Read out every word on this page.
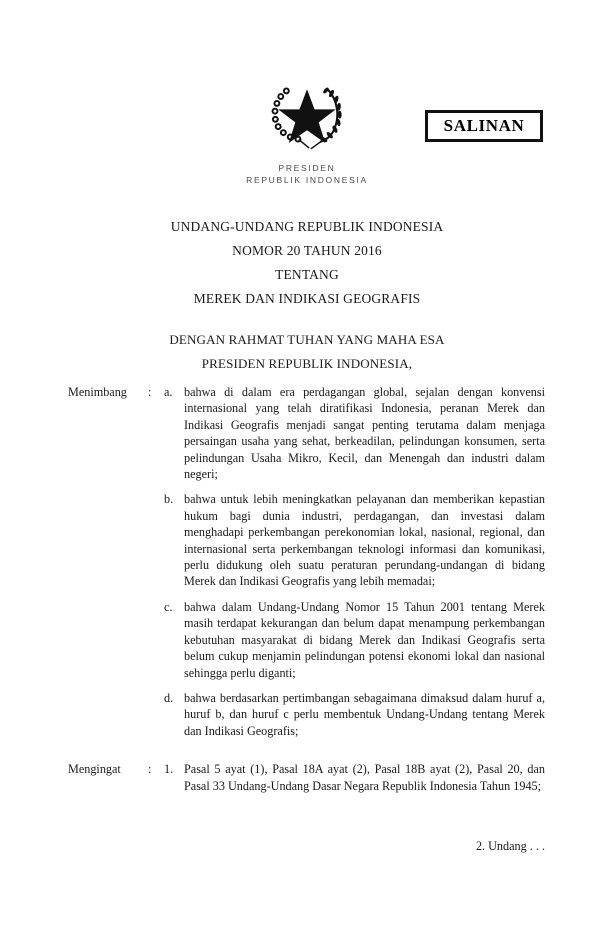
PRESIDEN
REPUBLIK INDONESIA
SALINAN
UNDANG-UNDANG REPUBLIK INDONESIA
NOMOR 20 TAHUN 2016
TENTANG
MEREK DAN INDIKASI GEOGRAFIS
DENGAN RAHMAT TUHAN YANG MAHA ESA
PRESIDEN REPUBLIK INDONESIA,
Menimbang	:	a. bahwa di dalam era perdagangan global, sejalan dengan konvensi internasional yang telah diratifikasi Indonesia, peranan Merek dan Indikasi Geografis menjadi sangat penting terutama dalam menjaga persaingan usaha yang sehat, berkeadilan, pelindungan konsumen, serta pelindungan Usaha Mikro, Kecil, dan Menengah dan industri dalam negeri;
b. bahwa untuk lebih meningkatkan pelayanan dan memberikan kepastian hukum bagi dunia industri, perdagangan, dan investasi dalam menghadapi perkembangan perekonomian lokal, nasional, regional, dan internasional serta perkembangan teknologi informasi dan komunikasi, perlu didukung oleh suatu peraturan perundang-undangan di bidang Merek dan Indikasi Geografis yang lebih memadai;
c. bahwa dalam Undang-Undang Nomor 15 Tahun 2001 tentang Merek masih terdapat kekurangan dan belum dapat menampung perkembangan kebutuhan masyarakat di bidang Merek dan Indikasi Geografis serta belum cukup menjamin pelindungan potensi ekonomi lokal dan nasional sehingga perlu diganti;
d. bahwa berdasarkan pertimbangan sebagaimana dimaksud dalam huruf a, huruf b, dan huruf c perlu membentuk Undang-Undang tentang Merek dan Indikasi Geografis;
Mengingat	:	1. Pasal 5 ayat (1), Pasal 18A ayat (2), Pasal 18B ayat (2), Pasal 20, dan Pasal 33 Undang-Undang Dasar Negara Republik Indonesia Tahun 1945;
2. Undang . . .
